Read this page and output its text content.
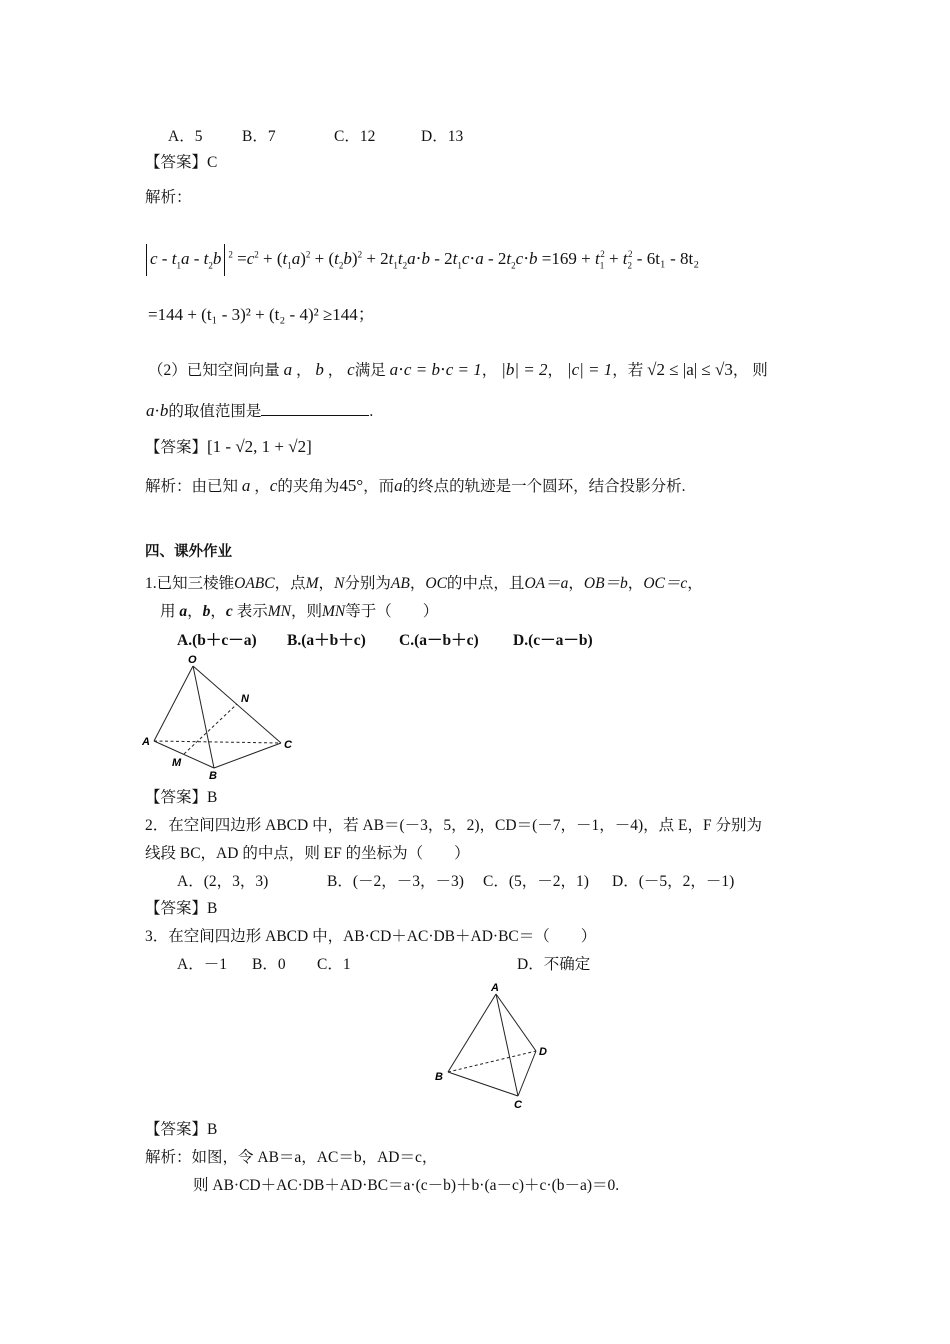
A．5	B．7	C．12	D．13
【答案】C
解析：
c - $t_1a - t_2b$ $^2 =c^2 + (t_1a)^2 + (t_2b)^2 + 2t_1t_2a\cdot b - 2t_1c\cdot a - 2t_2c\cdot b =169 + t_1^2 + t_2^2 - 6t_1 - 8t_2$
=144 + (t₁ - 3)² + (t₂ - 4)² ≥144；
（2）已知空间向量 a ， b ， c满足 a⋅c = b⋅c = 1， |b| = 2， |c| = 1，若 √2 ≤ |a| ≤ √3， 则
a⋅b的取值范围是	.
【答案】[1 - √2, 1 + √2]
解析：由已知 a ，c的夹角为45°，而a的终点的轨迹是一个圆环，结合投影分析.
四、课外作业
1.已知三棱锥OABC，点M，N分别为AB，OC的中点，且OA＝a，OB＝b，OC＝c，
用 a，b，c 表示MN，则MN等于（　　）
A.(b＋c－a) B.(a＋b＋c) C.(a－b＋c) D.(c－a－b)
O
N
A	C
M
B
【答案】B
2．在空间四边形 ABCD 中，若 AB＝(－3，5，2)，CD＝(－7，－1，－4)，点 E，F 分别为
线段 BC，AD 的中点，则 EF 的坐标为（　　）
A．(2，3，3)	B．(－2，－3，－3) C．(5，－2，1) D．(－5，2，－1)
【答案】B
3．在空间四边形 ABCD 中，AB·CD＋AC·DB＋AD·BC＝（　　）
A．－1 B．0 C．1	D．不确定
A
D
B
C
【答案】B
解析：如图，令 AB＝a，AC＝b，AD＝c，
则 AB·CD＋AC·DB＋AD·BC＝a·(c－b)＋b·(a－c)＋c·(b－a)＝0.
